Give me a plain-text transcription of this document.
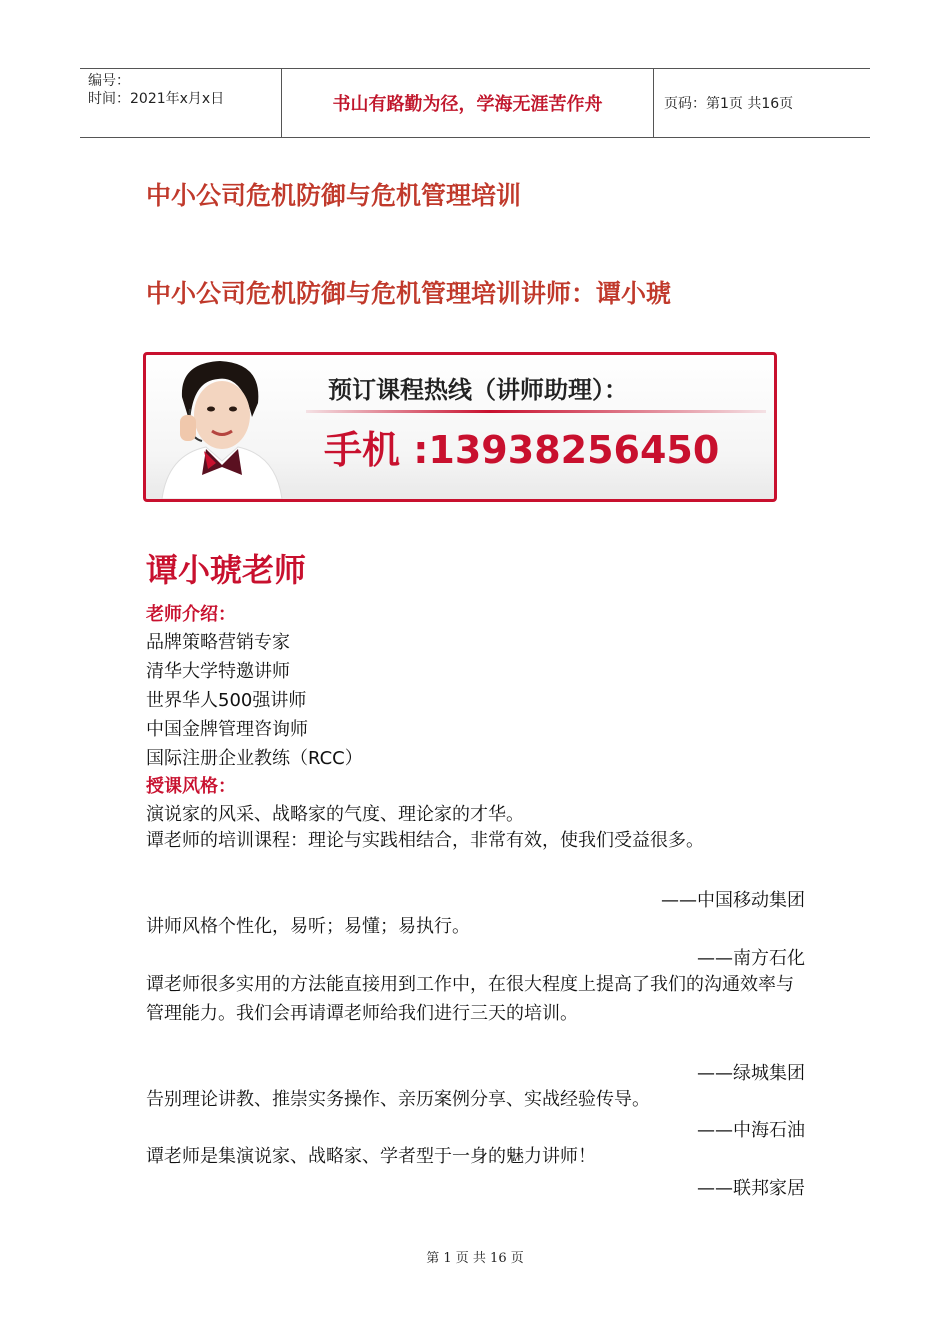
编号：
时间：2021年x月x日	书山有路勤为径，学海无涯苦作舟	页码：第1页 共16页
中小公司危机防御与危机管理培训
中小公司危机防御与危机管理培训讲师：谭小琥
预订课程热线（讲师助理）：
手机 :13938256450
谭小琥老师
老师介绍：
品牌策略营销专家
清华大学特邀讲师
世界华人500强讲师
中国金牌管理咨询师
国际注册企业教练（RCC）
授课风格：
演说家的风采、战略家的气度、理论家的才华。
谭老师的培训课程：理论与实践相结合，非常有效，使我们受益很多。
——中国移动集团
讲师风格个性化，易听；易懂；易执行。
——南方石化
谭老师很多实用的方法能直接用到工作中，在很大程度上提高了我们的沟通效率与管理能力。我们会再请谭老师给我们进行三天的培训。
——绿城集团
告别理论讲教、推崇实务操作、亲历案例分享、实战经验传导。
——中海石油
谭老师是集演说家、战略家、学者型于一身的魅力讲师！
——联邦家居
第 1 页 共 16 页
